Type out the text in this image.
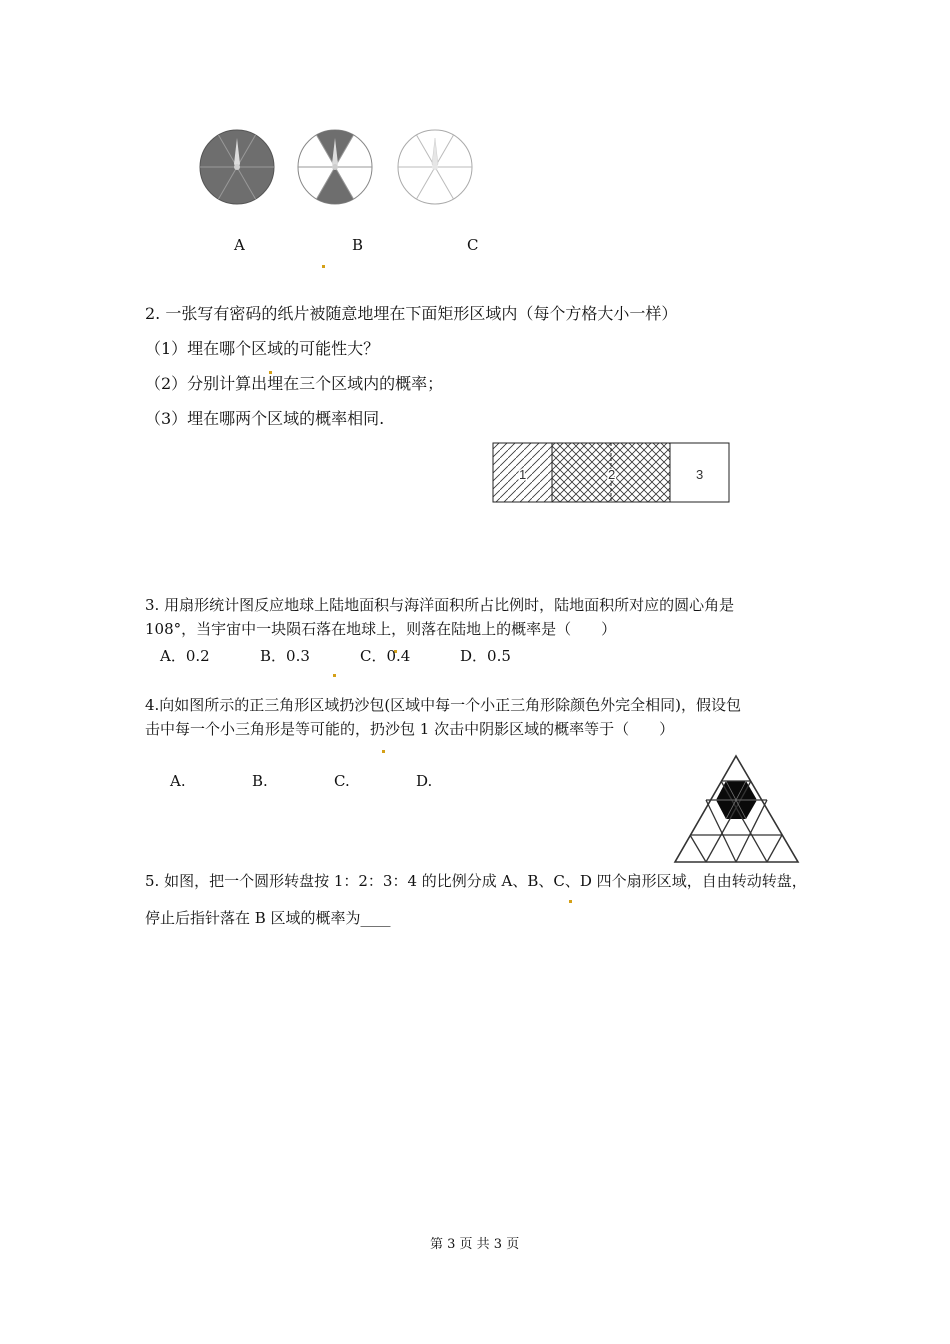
A	B	C
2. 一张写有密码的纸片被随意地埋在下面矩形区域内（每个方格大小一样）
（1）埋在哪个区域的可能性大？
（2）分别计算出埋在三个区域内的概率；
（3）埋在哪两个区域的概率相同.
1	2	3
3. 用扇形统计图反应地球上陆地面积与海洋面积所占比例时，陆地面积所对应的圆心角是
108°，当宇宙中一块陨石落在地球上，则落在陆地上的概率是（　　）
A．0.2	B．0.3	C．0.4	D．0.5
4.向如图所示的正三角形区域扔沙包(区域中每一个小正三角形除颜色外完全相同)，假设包
击中每一个小三角形是等可能的，扔沙包 1 次击中阴影区域的概率等于（　　）
A.	B.	C.	D.
5. 如图，把一个圆形转盘按 1：2：3：4 的比例分成 A、B、C、D 四个扇形区域，自由转动转盘，
停止后指针落在 B 区域的概率为____
第 3 页 共 3 页
